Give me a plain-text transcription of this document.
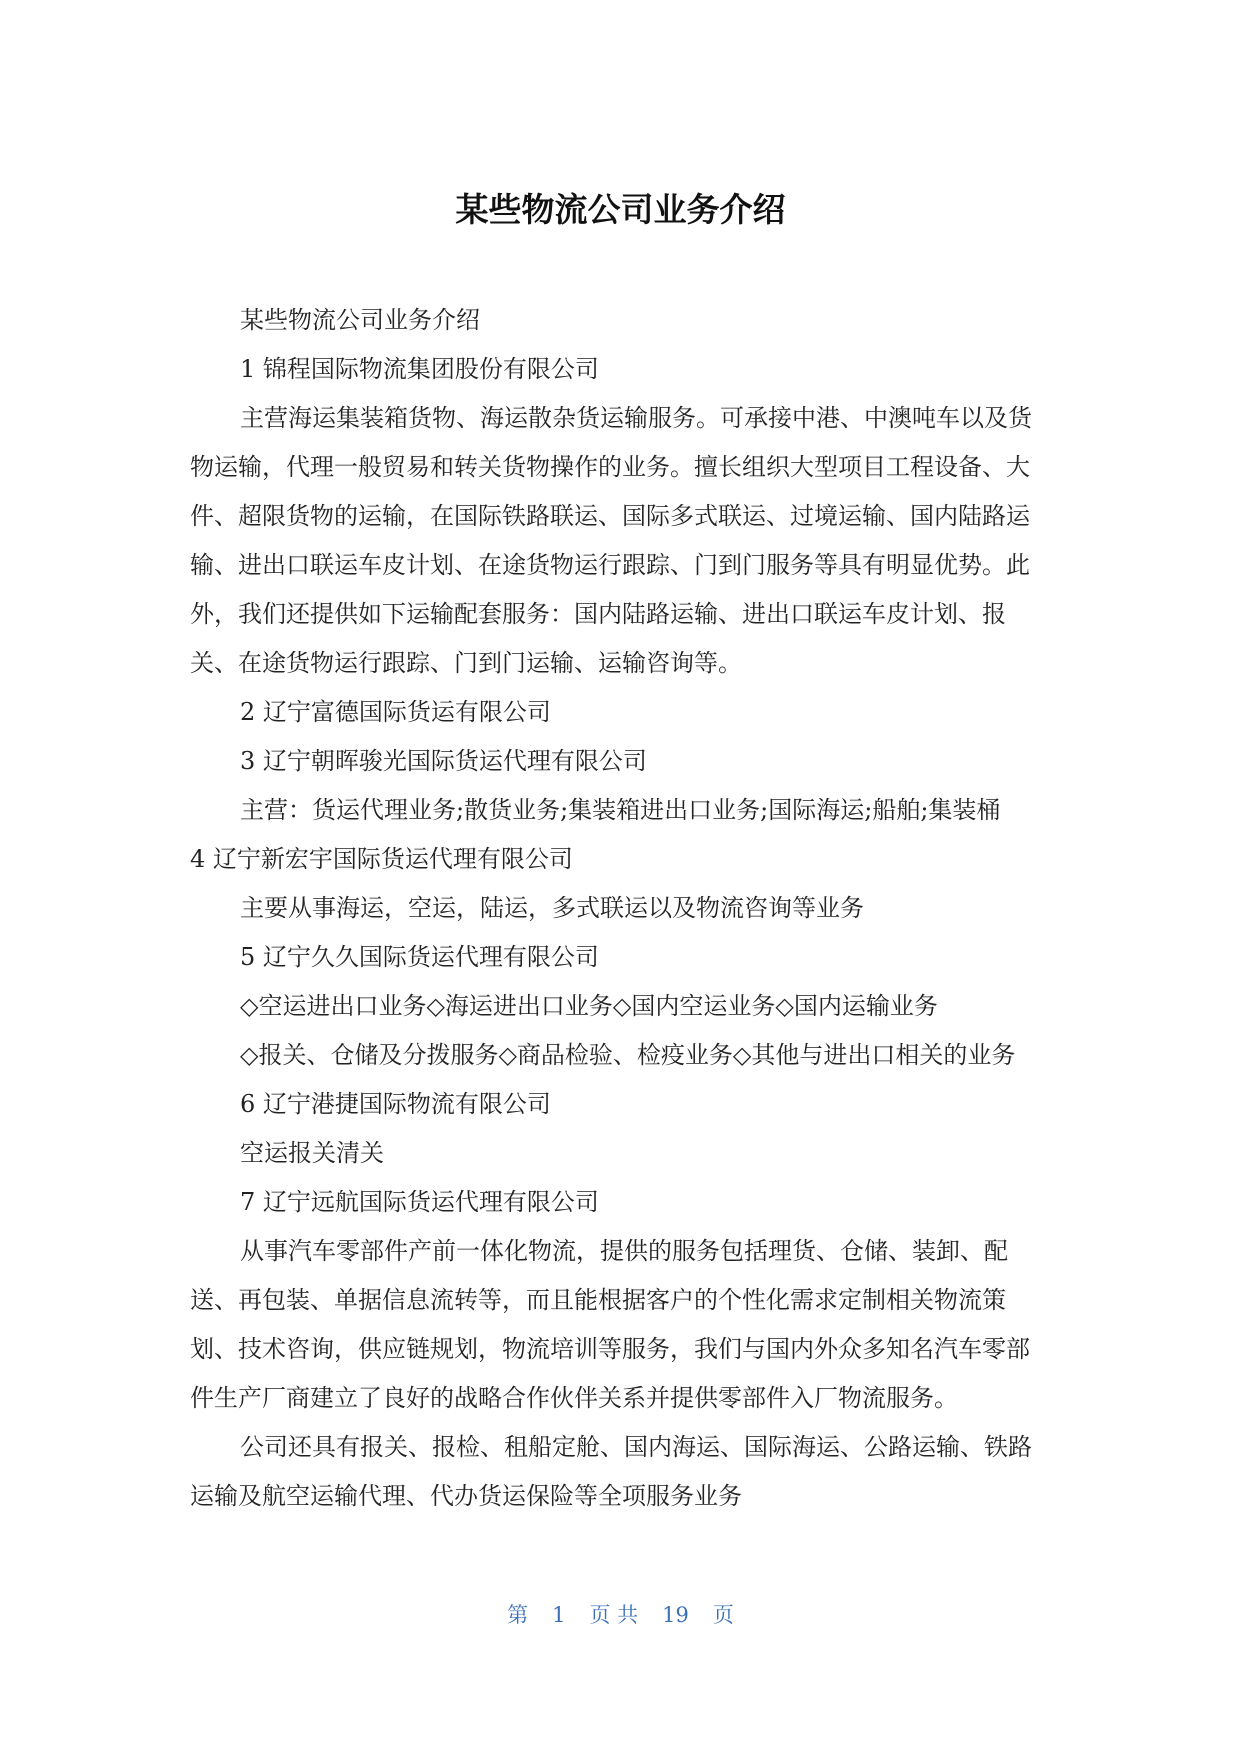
某些物流公司业务介绍

某些物流公司业务介绍

1 锦程国际物流集团股份有限公司

主营海运集装箱货物、海运散杂货运输服务。可承接中港、中澳吨车以及货物运输，代理一般贸易和转关货物操作的业务。擅长组织大型项目工程设备、大件、超限货物的运输，在国际铁路联运、国际多式联运、过境运输、国内陆路运输、进出口联运车皮计划、在途货物运行跟踪、门到门服务等具有明显优势。此外，我们还提供如下运输配套服务：国内陆路运输、进出口联运车皮计划、报关、在途货物运行跟踪、门到门运输、运输咨询等。

2 辽宁富德国际货运有限公司

3 辽宁朝晖骏光国际货运代理有限公司

主营：货运代理业务;散货业务;集装箱进出口业务;国际海运;船舶;集装桶

4 辽宁新宏宇国际货运代理有限公司

主要从事海运，空运，陆运，多式联运以及物流咨询等业务

5 辽宁久久国际货运代理有限公司

◇空运进出口业务◇海运进出口业务◇国内空运业务◇国内运输业务

◇报关、仓储及分拨服务◇商品检验、检疫业务◇其他与进出口相关的业务

6 辽宁港捷国际物流有限公司

空运报关清关

7 辽宁远航国际货运代理有限公司

从事汽车零部件产前一体化物流，提供的服务包括理货、仓储、装卸、配送、再包装、单据信息流转等，而且能根据客户的个性化需求定制相关物流策划、技术咨询，供应链规划，物流培训等服务，我们与国内外众多知名汽车零部件生产厂商建立了良好的战略合作伙伴关系并提供零部件入厂物流服务。

公司还具有报关、报检、租船定舱、国内海运、国际海运、公路运输、铁路运输及航空运输代理、代办货运保险等全项服务业务

第 1 页 共 19 页
